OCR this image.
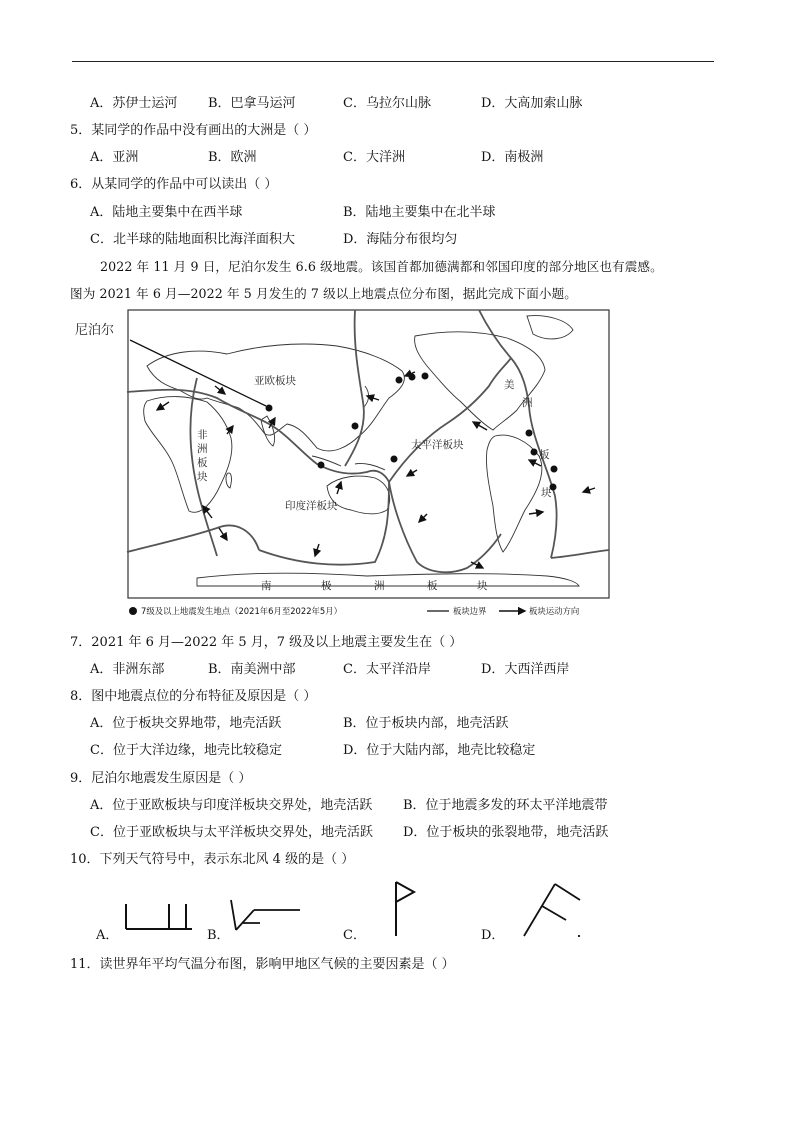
A．苏伊士运河 B．巴拿马运河	C．乌拉尔山脉	D．大高加索山脉
5．某同学的作品中没有画出的大洲是（ ）
A．亚洲	B．欧洲	C．大洋洲	D．南极洲
6．从某同学的作品中可以读出（ ）
A．陆地主要集中在西半球	B．陆地主要集中在北半球
C．北半球的陆地面积比海洋面积大	D．海陆分布很均匀
2022 年 11 月 9 日，尼泊尔发生 6.6 级地震。该国首都加德满都和邻国印度的部分地区也有震感。
图为 2021 年 6 月—2022 年 5 月发生的 7 级以上地震点位分布图，据此完成下面小题。
尼泊尔
亚欧板块
非
洲
板
块
太平洋板块
印度洋板块
美
洲
板
块
南	极	洲	板	块
7级及以上地震发生地点（2021年6月至2022年5月）	板块边界	板块运动方向
7．2021 年 6 月—2022 年 5 月，7 级及以上地震主要发生在（ ）
A．非洲东部	B．南美洲中部	C．太平洋沿岸	D．大西洋西岸
8．图中地震点位的分布特征及原因是（ ）
A．位于板块交界地带，地壳活跃	B．位于板块内部，地壳活跃
C．位于大洋边缘，地壳比较稳定	D．位于大陆内部，地壳比较稳定
9．尼泊尔地震发生原因是（ ）
A．位于亚欧板块与印度洋板块交界处，地壳活跃 B．位于地震多发的环太平洋地震带
C．位于亚欧板块与太平洋板块交界处，地壳活跃 D．位于板块的张裂地带，地壳活跃
10．下列天气符号中，表示东北风 4 级的是（ ）
A．	B．	C．	D．
11．读世界年平均气温分布图，影响甲地区气候的主要因素是（ ）
